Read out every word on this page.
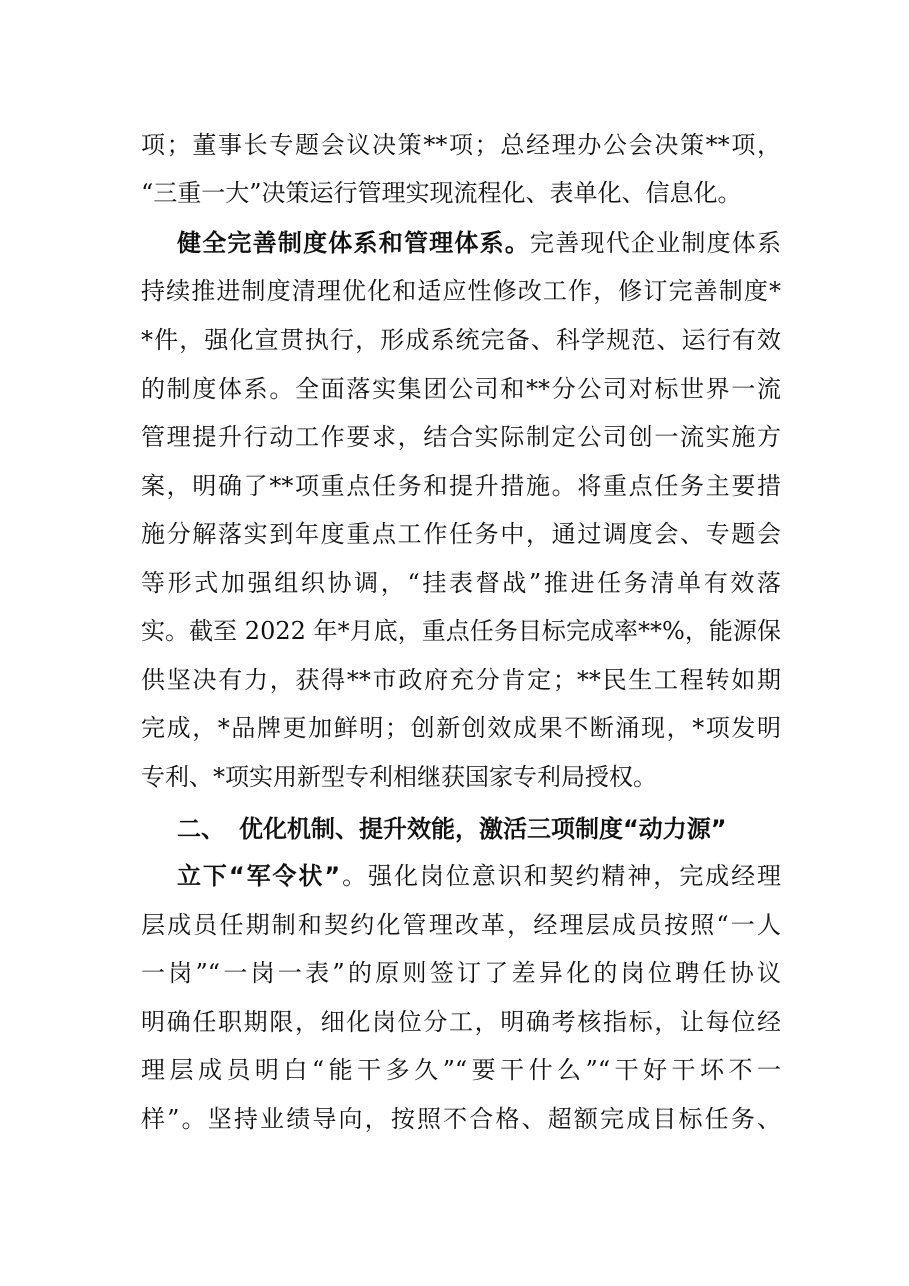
项；董事长专题会议决策**项；总经理办公会决策**项，
“三重一大”决策运行管理实现流程化、表单化、信息化。
健全完善制度体系和管理体系。完善现代企业制度体系
持续推进制度清理优化和适应性修改工作，修订完善制度*
*件，强化宣贯执行，形成系统完备、科学规范、运行有效
的制度体系。全面落实集团公司和**分公司对标世界一流
管理提升行动工作要求，结合实际制定公司创一流实施方
案，明确了**项重点任务和提升措施。将重点任务主要措
施分解落实到年度重点工作任务中，通过调度会、专题会
等形式加强组织协调，“挂表督战”推进任务清单有效落
实。截至 2022 年*月底，重点任务目标完成率**%，能源保
供坚决有力，获得**市政府充分肯定；**民生工程转如期
完成，*品牌更加鲜明；创新创效成果不断涌现，*项发明
专利、*项实用新型专利相继获国家专利局授权。
二、 优化机制、提升效能，激活三项制度“动力源”
立下“军令状”。强化岗位意识和契约精神，完成经理
层成员任期制和契约化管理改革，经理层成员按照“一人
一岗”“一岗一表”的原则签订了差异化的岗位聘任协议
明确任职期限，细化岗位分工，明确考核指标，让每位经
理层成员明白“能干多久”“要干什么”“干好干坏不一
样”。坚持业绩导向，按照不合格、超额完成目标任务、
